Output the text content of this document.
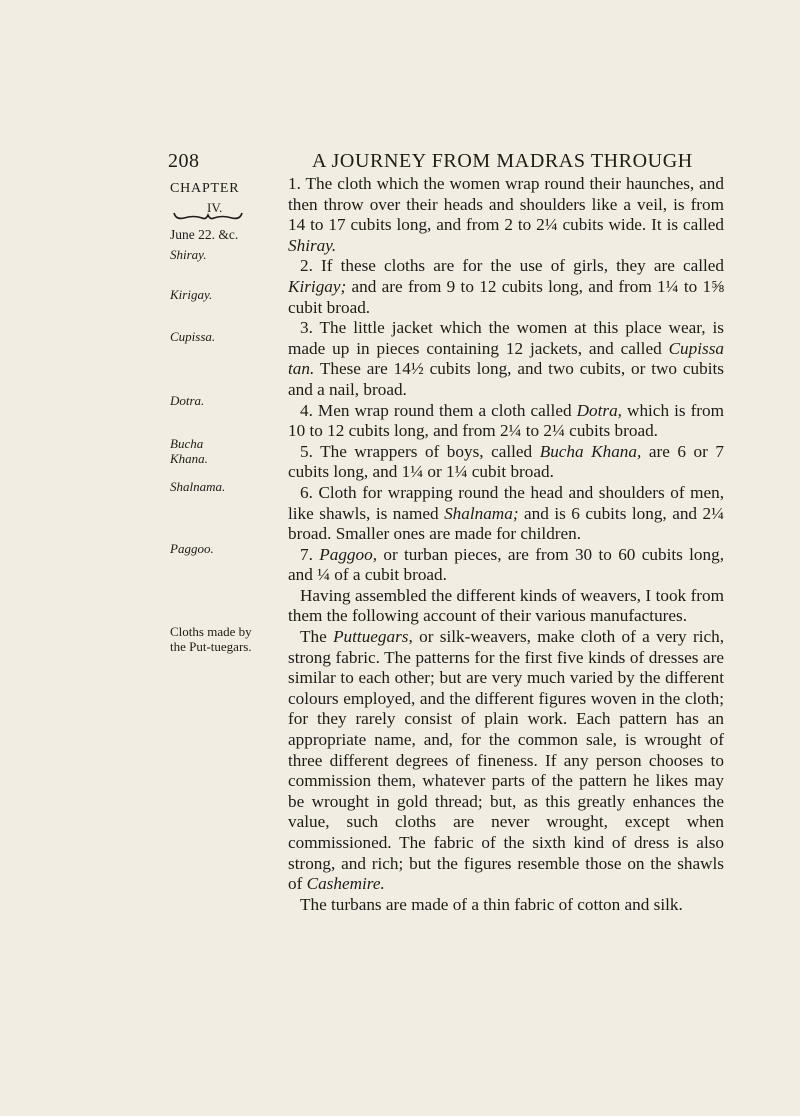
208	A JOURNEY FROM MADRAS THROUGH
CHAPTER
IV.
June 22. &c.
Shiray.
Kirigay.
Cupissa.
Dotra.
Bucha Khana.
Shalnama.
Paggoo.
Cloths made by the Put-tuegars.

1. The cloth which the women wrap round their haunches, and then throw over their heads and shoulders like a veil, is from 14 to 17 cubits long, and from 2 to 2¼ cubits wide. It is called Shiray.

2. If these cloths are for the use of girls, they are called Kirigay; and are from 9 to 12 cubits long, and from 1¼ to 1⅝ cubit broad.

3. The little jacket which the women at this place wear, is made up in pieces containing 12 jackets, and called Cupissa tan. These are 14½ cubits long, and two cubits, or two cubits and a nail, broad.

4. Men wrap round them a cloth called Dotra, which is from 10 to 12 cubits long, and from 2¼ to 2¼ cubits broad.

5. The wrappers of boys, called Bucha Khana, are 6 or 7 cubits long, and 1¼ or 1¼ cubit broad.

6. Cloth for wrapping round the head and shoulders of men, like shawls, is named Shalnama; and is 6 cubits long, and 2¼ broad. Smaller ones are made for children.

7. Paggoo, or turban pieces, are from 30 to 60 cubits long, and ¼ of a cubit broad.

Having assembled the different kinds of weavers, I took from them the following account of their various manufactures.

The Puttuegars, or silk-weavers, make cloth of a very rich, strong fabric. The patterns for the first five kinds of dresses are similar to each other; but are very much varied by the different colours employed, and the different figures woven in the cloth; for they rarely consist of plain work. Each pattern has an appropriate name, and, for the common sale, is wrought of three different degrees of fineness. If any person chooses to commission them, whatever parts of the pattern he likes may be wrought in gold thread; but, as this greatly enhances the value, such cloths are never wrought, except when commissioned. The fabric of the sixth kind of dress is also strong, and rich; but the figures resemble those on the shawls of Cashemire.

The turbans are made of a thin fabric of cotton and silk.
